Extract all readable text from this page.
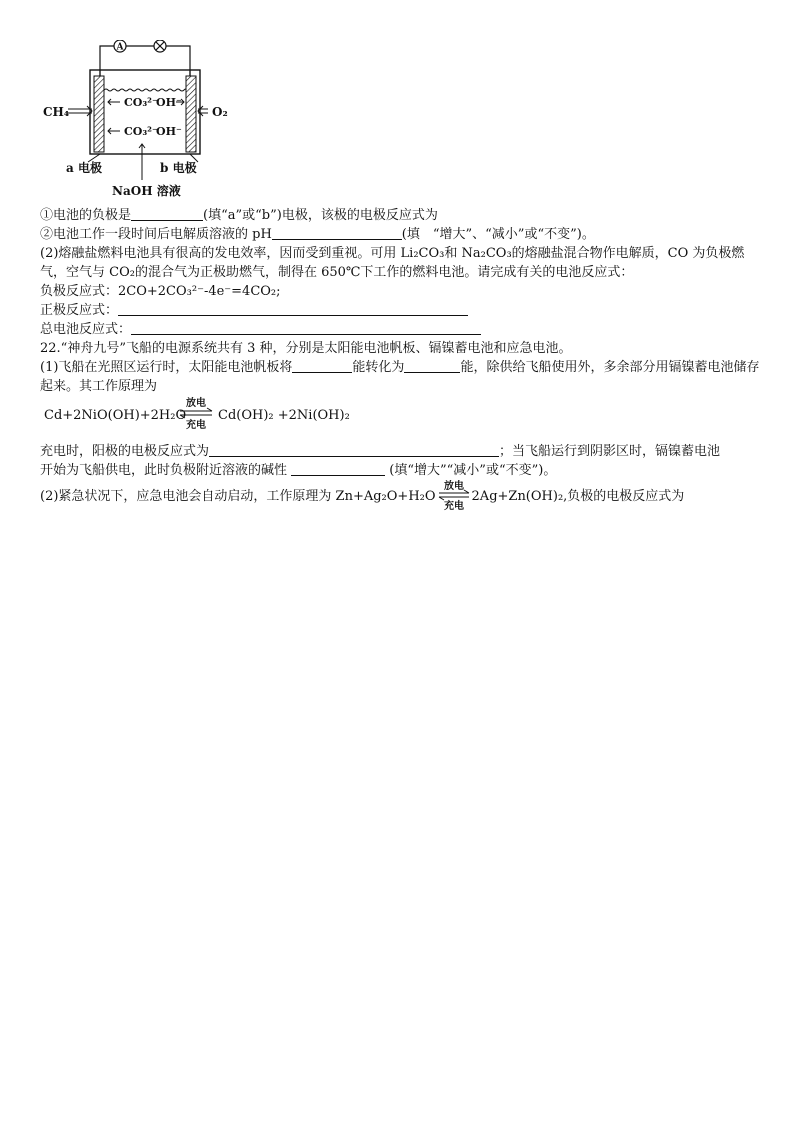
A
CO₃²⁻
OH⁻
CO₃²⁻
OH⁻
CH₄	O₂
a 电极	b 电极
NaOH 溶液
①电池的负极是	(填“a”或“b”)电极，该极的电极反应式为
②电池工作一段时间后电解质溶液的 pH	(填　“增大”、“减小”或“不变”)。
(2)熔融盐燃料电池具有很高的发电效率，因而受到重视。可用 Li₂CO₃和 Na₂CO₃的熔融盐混合物作电解质，CO 为负极燃气，空气与 CO₂的混合气为正极助燃气，制得在 650℃下工作的燃料电池。请完成有关的电池反应式：
负极反应式：2CO+2CO₃²⁻-4e⁻=4CO₂;
正极反应式：
总电池反应式：
22.“神舟九号”飞船的电源系统共有 3 种，分别是太阳能电池帆板、镉镍蓄电池和应急电池。
(1)飞船在光照区运行时，太阳能电池帆板将	能转化为	能，除供给飞船使用外，多余部分用镉镍蓄电池储存起来。其工作原理为
Cd+2NiO(OH)+2H₂O
放电
充电
Cd(OH)₂ +2Ni(OH)₂
充电时，阳极的电极反应式为	；当飞船运行到阴影区时，镉镍蓄电池
开始为飞船供电，此时负极附近溶液的碱性	(填“增大”“减小”或“不变”)。
(2)紧急状况下，应急电池会自动启动，工作原理为 Zn+Ag₂O+H₂O
放电
充电
2Ag+Zn(OH)₂,负极的电极反应式为
